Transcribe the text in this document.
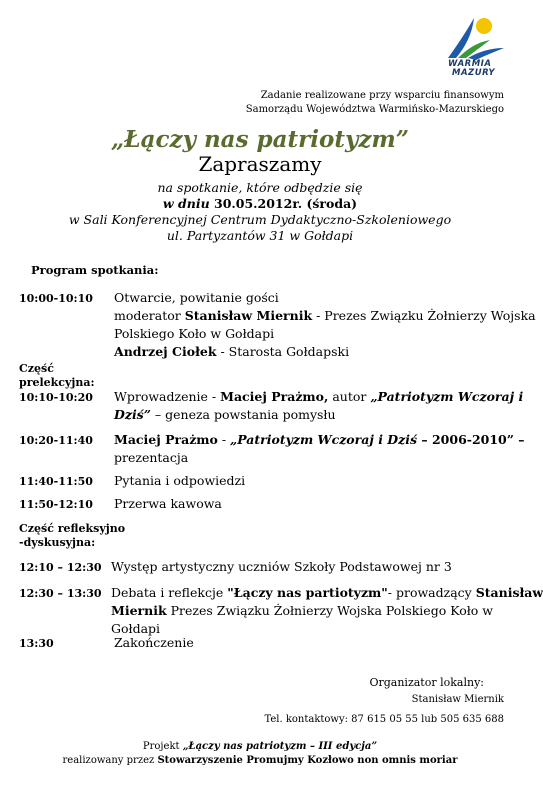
WARMIA
MAZURY
Zadanie realizowane przy wsparciu finansowym
Samorządu Województwa Warmińsko-Mazurskiego
„Łączy nas patriotyzm”
Zapraszamy
na spotkanie, które odbędzie się
w dniu 30.05.2012r. (środa)
w Sali Konferencyjnej Centrum Dydaktyczno-Szkoleniowego
ul. Partyzantów 31 w Gołdapi
Program spotkania:
10:00-10:10 Otwarcie, powitanie gości
moderator Stanisław Miernik - Prezes Związku Żołnierzy Wojska
Polskiego Koło w Gołdapi
Andrzej Ciołek - Starosta Gołdapski
Część
prelekcyjna:
10:10-10:20 Wprowadzenie - Maciej Prażmo, autor „Patriotyzm Wczoraj i
Dziś” – geneza powstania pomysłu
10:20-11:40 Maciej Prażmo - „Patriotyzm Wczoraj i Dziś – 2006-2010” –
prezentacja
11:40-11:50 Pytania i odpowiedzi
11:50-12:10 Przerwa kawowa
Część refleksyjno
-dyskusyjna:
12:10 – 12:30 Występ artystyczny uczniów Szkoły Podstawowej nr 3
12:30 – 13:30 Debata i reflekcje "Łączy nas partiotyzm"- prowadzący Stanisław
Miernik Prezes Związku Żołnierzy Wojska Polskiego Koło w
Gołdapi
13:30	Zakończenie
Organizator lokalny:
Stanisław Miernik
Tel. kontaktowy: 87 615 05 55 lub 505 635 688
Projekt „Łączy nas patriotyzm – III edycja”
realizowany przez Stowarzyszenie Promujmy Kozłowo non omnis moriar
